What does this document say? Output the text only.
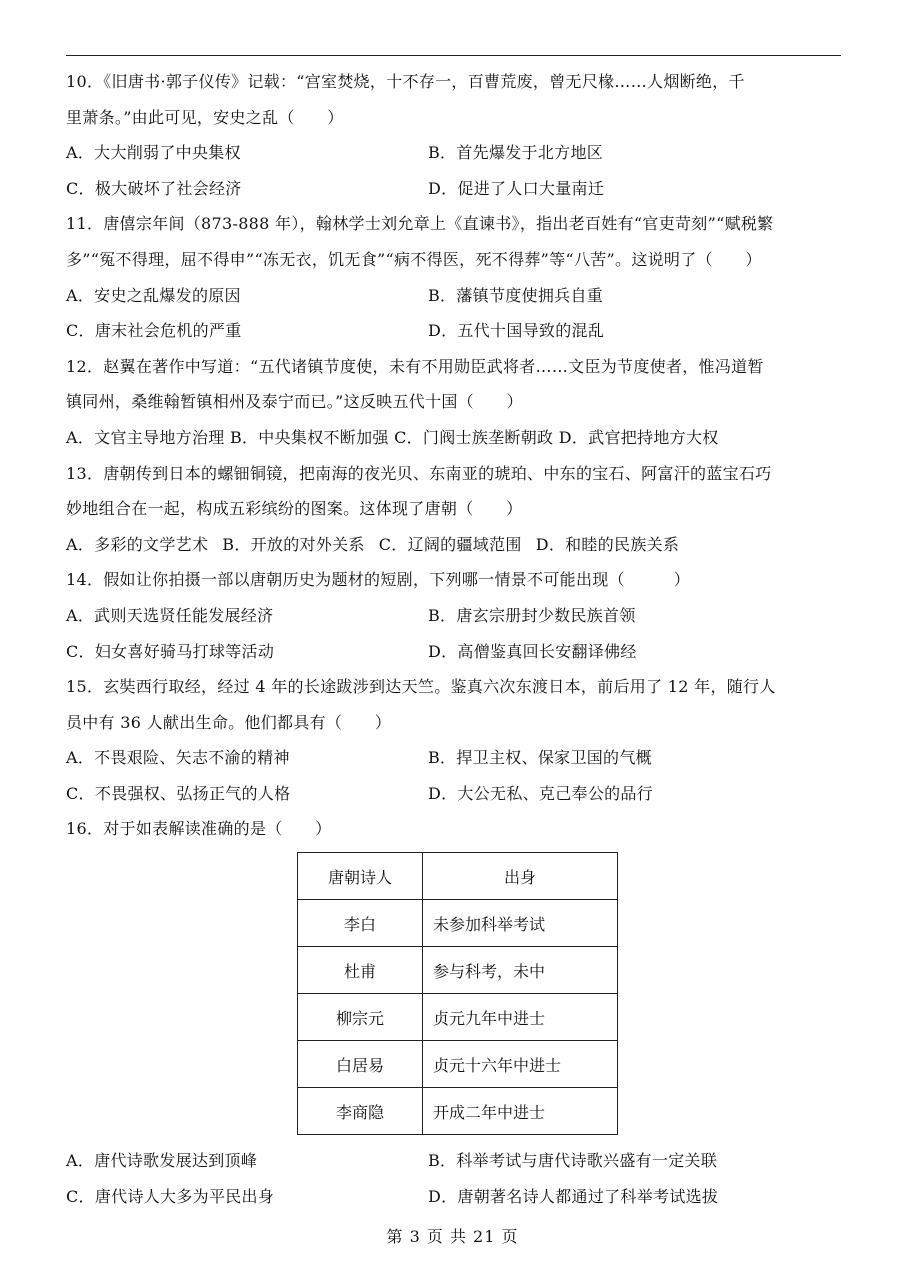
10．《旧唐书·郭子仪传》记载：“宫室焚烧，十不存一，百曹荒废，曾无尺椽……人烟断绝，千
里萧条。”由此可见，安史之乱（　　）
A．大大削弱了中央集权	B．首先爆发于北方地区
C．极大破坏了社会经济	D．促进了人口大量南迁
11．唐僖宗年间（873-888 年），翰林学士刘允章上《直谏书》，指出老百姓有“官吏苛刻”“赋税繁
多”“冤不得理，屈不得申”“冻无衣，饥无食”“病不得医，死不得葬”等“八苦”。这说明了（　　）
A．安史之乱爆发的原因	B．藩镇节度使拥兵自重
C．唐末社会危机的严重	D．五代十国导致的混乱
12．赵翼在著作中写道：“五代诸镇节度使，未有不用勋臣武将者……文臣为节度使者，惟冯道暂
镇同州，桑维翰暂镇相州及泰宁而已。”这反映五代十国（　　）
A．文官主导地方治理 B．中央集权不断加强 C．门阀士族垄断朝政 D．武官把持地方大权
13．唐朝传到日本的螺钿铜镜，把南海的夜光贝、东南亚的琥珀、中东的宝石、阿富汗的蓝宝石巧
妙地组合在一起，构成五彩缤纷的图案。这体现了唐朝（　　）
A．多彩的文学艺术 B．开放的对外关系 C．辽阔的疆域范围 D．和睦的民族关系
14．假如让你拍摄一部以唐朝历史为题材的短剧，下列哪一情景不可能出现（　　　）
A．武则天选贤任能发展经济	B．唐玄宗册封少数民族首领
C．妇女喜好骑马打球等活动	D．高僧鉴真回长安翻译佛经
15．玄奘西行取经，经过 4 年的长途跋涉到达天竺。鉴真六次东渡日本，前后用了 12 年，随行人
员中有 36 人献出生命。他们都具有（　　）
A．不畏艰险、矢志不渝的精神	B．捍卫主权、保家卫国的气概
C．不畏强权、弘扬正气的人格	D．大公无私、克己奉公的品行
16．对于如表解读准确的是（　　）
唐朝诗人	出身
李白	未参加科举考试
杜甫	参与科考，未中
柳宗元	贞元九年中进士
白居易	贞元十六年中进士
李商隐	开成二年中进士
A．唐代诗歌发展达到顶峰	B．科举考试与唐代诗歌兴盛有一定关联
C．唐代诗人大多为平民出身	D．唐朝著名诗人都通过了科举考试选拔
第 3 页 共 21 页
